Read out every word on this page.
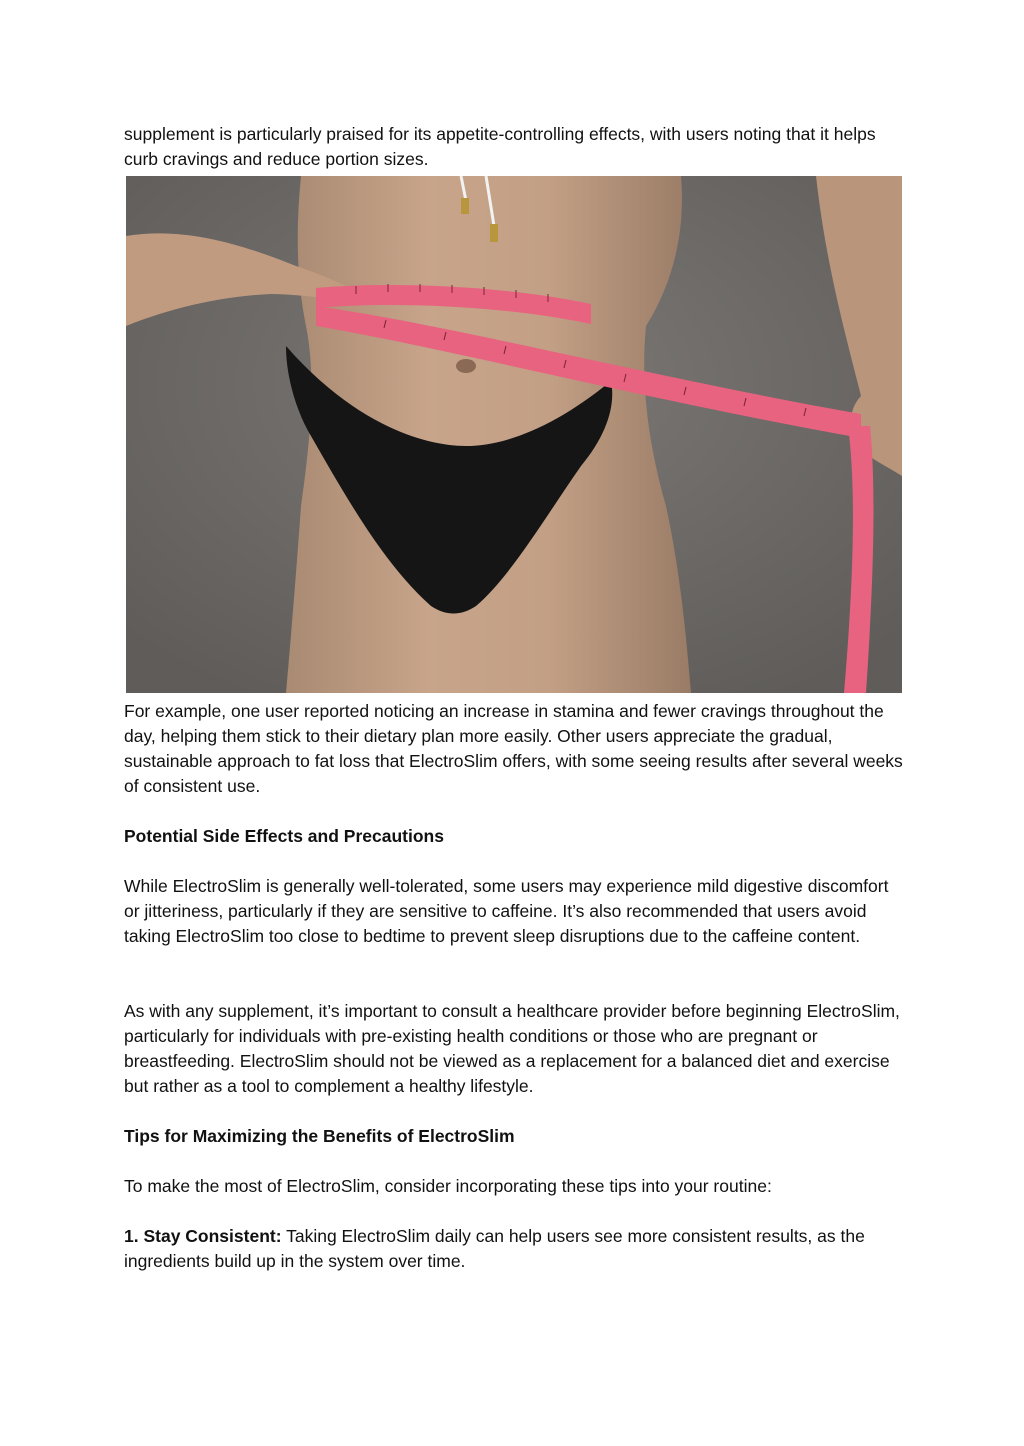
supplement is particularly praised for its appetite-controlling effects, with users noting that it helps curb cravings and reduce portion sizes.

For example, one user reported noticing an increase in stamina and fewer cravings throughout the day, helping them stick to their dietary plan more easily. Other users appreciate the gradual, sustainable approach to fat loss that ElectroSlim offers, with some seeing results after several weeks of consistent use.

Potential Side Effects and Precautions

While ElectroSlim is generally well-tolerated, some users may experience mild digestive discomfort or jitteriness, particularly if they are sensitive to caffeine. It’s also recommended that users avoid taking ElectroSlim too close to bedtime to prevent sleep disruptions due to the caffeine content.

As with any supplement, it’s important to consult a healthcare provider before beginning ElectroSlim, particularly for individuals with pre-existing health conditions or those who are pregnant or breastfeeding. ElectroSlim should not be viewed as a replacement for a balanced diet and exercise but rather as a tool to complement a healthy lifestyle.

Tips for Maximizing the Benefits of ElectroSlim

To make the most of ElectroSlim, consider incorporating these tips into your routine:

1. Stay Consistent: Taking ElectroSlim daily can help users see more consistent results, as the ingredients build up in the system over time.
